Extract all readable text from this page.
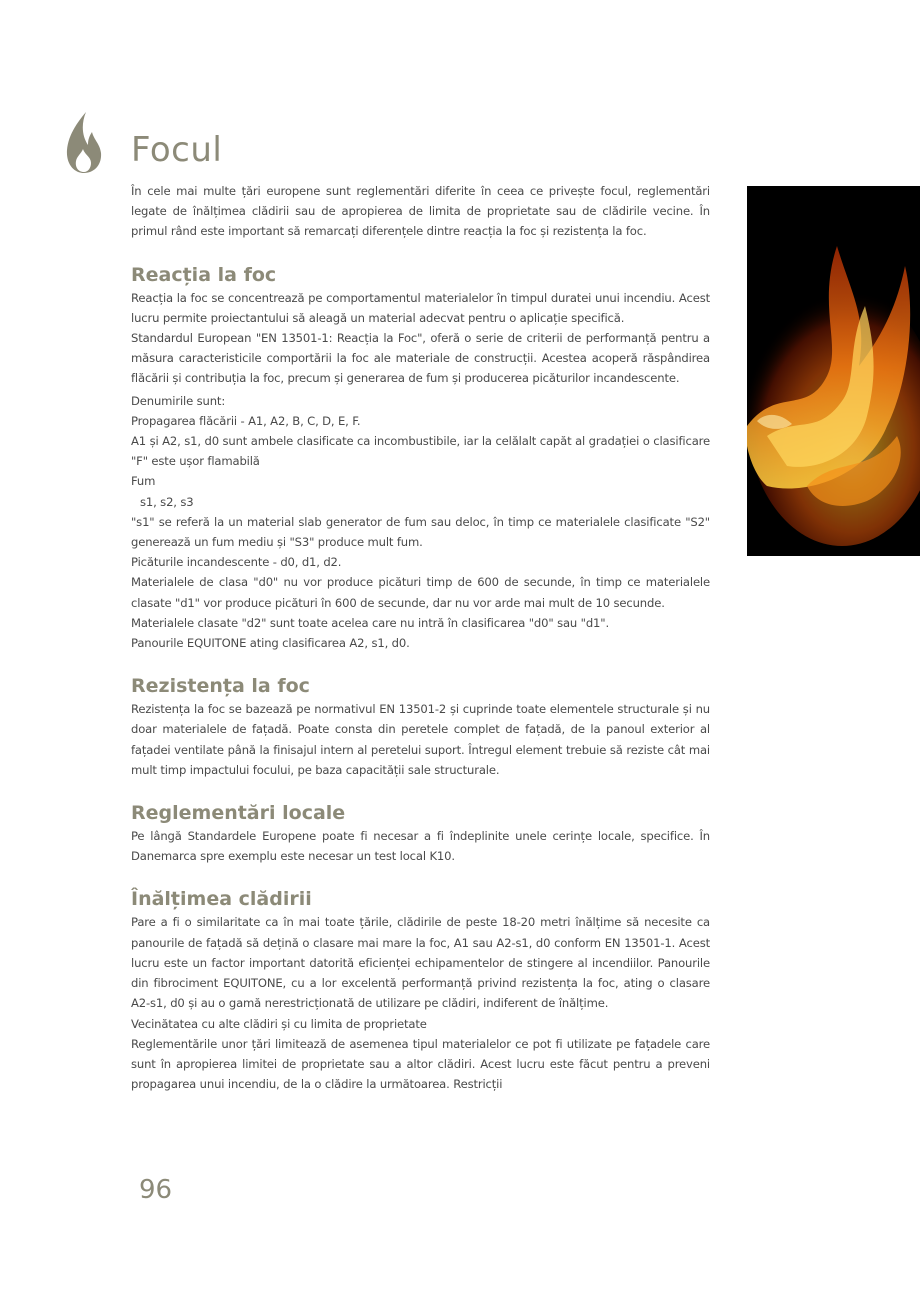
Focul

În cele mai multe țări europene sunt reglementări diferite în ceea ce privește focul, reglementări legate de înălțimea clădirii sau de apropierea de limita de proprietate sau de clădirile vecine. În primul rând este important să remarcați diferențele dintre reacția la foc și rezistența la foc.

Reacția la foc

Reacția la foc se concentrează pe comportamentul materialelor în timpul duratei unui incendiu. Acest lucru permite proiectantului să aleagă un material adecvat pentru o aplicație specifică.

Standardul European "EN 13501-1: Reacția la Foc", oferă o serie de criterii de performanță pentru a măsura caracteristicile comportării la foc ale materiale de construcții. Acestea acoperă răspândirea flăcării și contribuția la foc, precum și generarea de fum și producerea picăturilor incandescente.

Denumirile sunt:

Propagarea flăcării - A1, A2, B, C, D, E, F.

A1 și A2, s1, d0 sunt ambele clasificate ca incombustibile, iar la celălalt capăt al gradației o clasificare "F" este ușor flamabilă

Fum

s1, s2, s3

"s1" se referă la un material slab generator de fum sau deloc, în timp ce materialele clasificate "S2" generează un fum mediu și "S3" produce mult fum.

Picăturile incandescente - d0, d1, d2.

Materialele de clasa "d0" nu vor produce picături timp de 600 de secunde, în timp ce materialele clasate "d1" vor produce picături în 600 de secunde, dar nu vor arde mai mult de 10 secunde.

Materialele clasate "d2" sunt toate acelea care nu intră în clasificarea "d0" sau "d1".

Panourile EQUITONE ating clasificarea A2, s1, d0.

Rezistența la foc

Rezistența la foc se bazează pe normativul EN 13501-2 și cuprinde toate elementele structurale și nu doar materialele de fațadă. Poate consta din peretele complet de fațadă, de la panoul exterior al fațadei ventilate până la finisajul intern al peretelui suport. Întregul element trebuie să reziste cât mai mult timp impactului focului, pe baza capacității sale structurale.

Reglementări locale

Pe lângă Standardele Europene poate fi necesar a fi îndeplinite unele cerințe locale, specifice. În Danemarca spre exemplu este necesar un test local K10.

Înălțimea clădirii

Pare a fi o similaritate ca în mai toate țările, clădirile de peste 18-20 metri înălțime să necesite ca panourile de fațadă să dețină o clasare mai mare la foc, A1 sau A2-s1, d0 conform EN 13501-1. Acest lucru este un factor important datorită eficienței echipamentelor de stingere al incendiilor. Panourile din fibrociment EQUITONE, cu a lor excelentă performanță privind rezistența la foc, ating o clasare A2-s1, d0 și au o gamă nerestricționată de utilizare pe clădiri, indiferent de înălțime.

Vecinătatea cu alte clădiri și cu limita de proprietate

Reglementările unor țări limitează de asemenea tipul materialelor ce pot fi utilizate pe fațadele care sunt în apropierea limitei de proprietate sau a altor clădiri. Acest lucru este făcut pentru a preveni propagarea unui incendiu, de la o clădire la următoarea. Restricții

96
